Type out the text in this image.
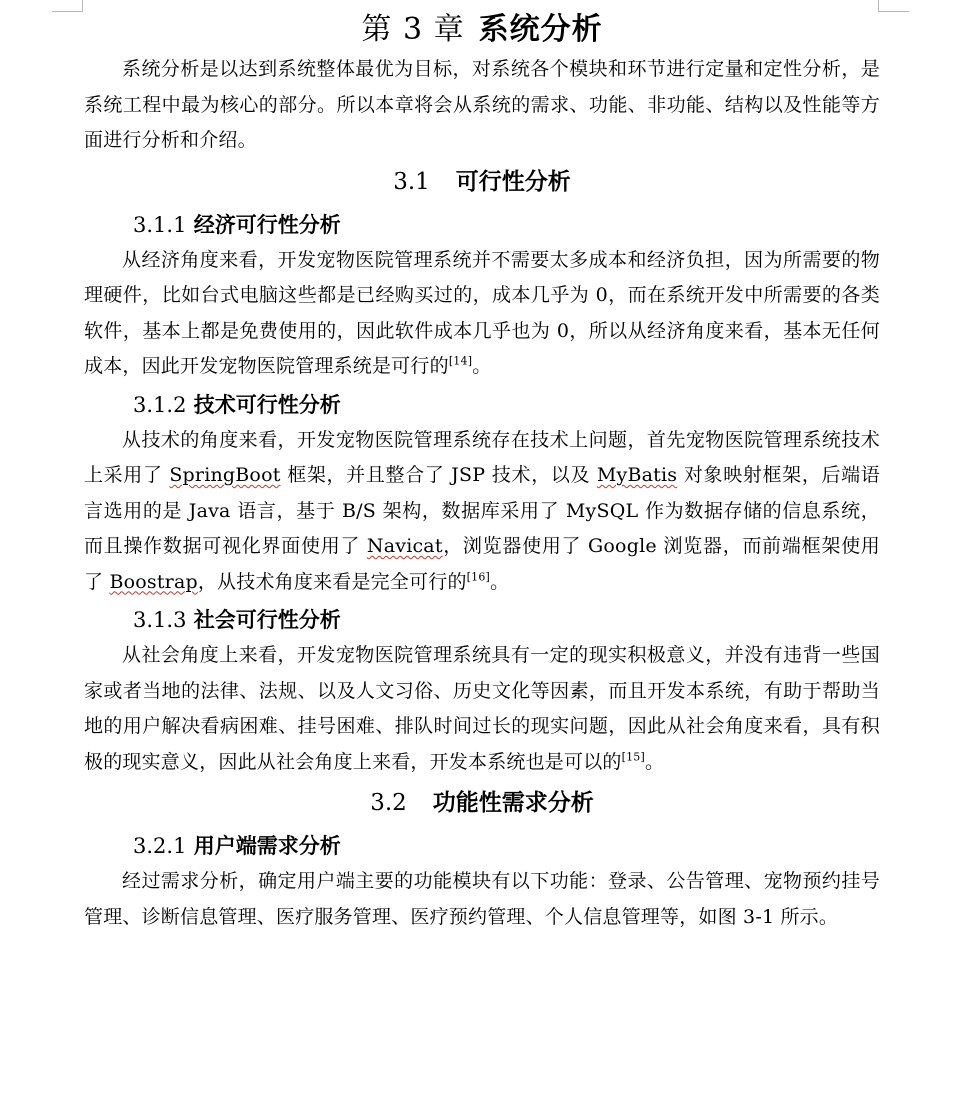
第 3 章 系统分析

系统分析是以达到系统整体最优为目标，对系统各个模块和环节进行定量和定性分析，是系统工程中最为核心的部分。所以本章将会从系统的需求、功能、非功能、结构以及性能等方面进行分析和介绍。

3.1 可行性分析
3.1.1 经济可行性分析

从经济角度来看，开发宠物医院管理系统并不需要太多成本和经济负担，因为所需要的物理硬件，比如台式电脑这些都是已经购买过的，成本几乎为 0，而在系统开发中所需要的各类软件，基本上都是免费使用的，因此软件成本几乎也为 0，所以从经济角度来看，基本无任何成本，因此开发宠物医院管理系统是可行的[14]。

3.1.2 技术可行性分析

从技术的角度来看，开发宠物医院管理系统存在技术上问题，首先宠物医院管理系统技术上采用了 SpringBoot 框架，并且整合了 JSP 技术，以及 MyBatis 对象映射框架，后端语言选用的是 Java 语言，基于 B/S 架构，数据库采用了 MySQL 作为数据存储的信息系统，而且操作数据可视化界面使用了 Navicat，浏览器使用了 Google 浏览器，而前端框架使用了 Boostrap，从技术角度来看是完全可行的[16]。

3.1.3 社会可行性分析

从社会角度上来看，开发宠物医院管理系统具有一定的现实积极意义，并没有违背一些国家或者当地的法律、法规、以及人文习俗、历史文化等因素，而且开发本系统，有助于帮助当地的用户解决看病困难、挂号困难、排队时间过长的现实问题，因此从社会角度来看，具有积极的现实意义，因此从社会角度上来看，开发本系统也是可以的[15]。

3.2 功能性需求分析
3.2.1 用户端需求分析

经过需求分析，确定用户端主要的功能模块有以下功能：登录、公告管理、宠物预约挂号管理、诊断信息管理、医疗服务管理、医疗预约管理、个人信息管理等，如图 3-1 所示。
